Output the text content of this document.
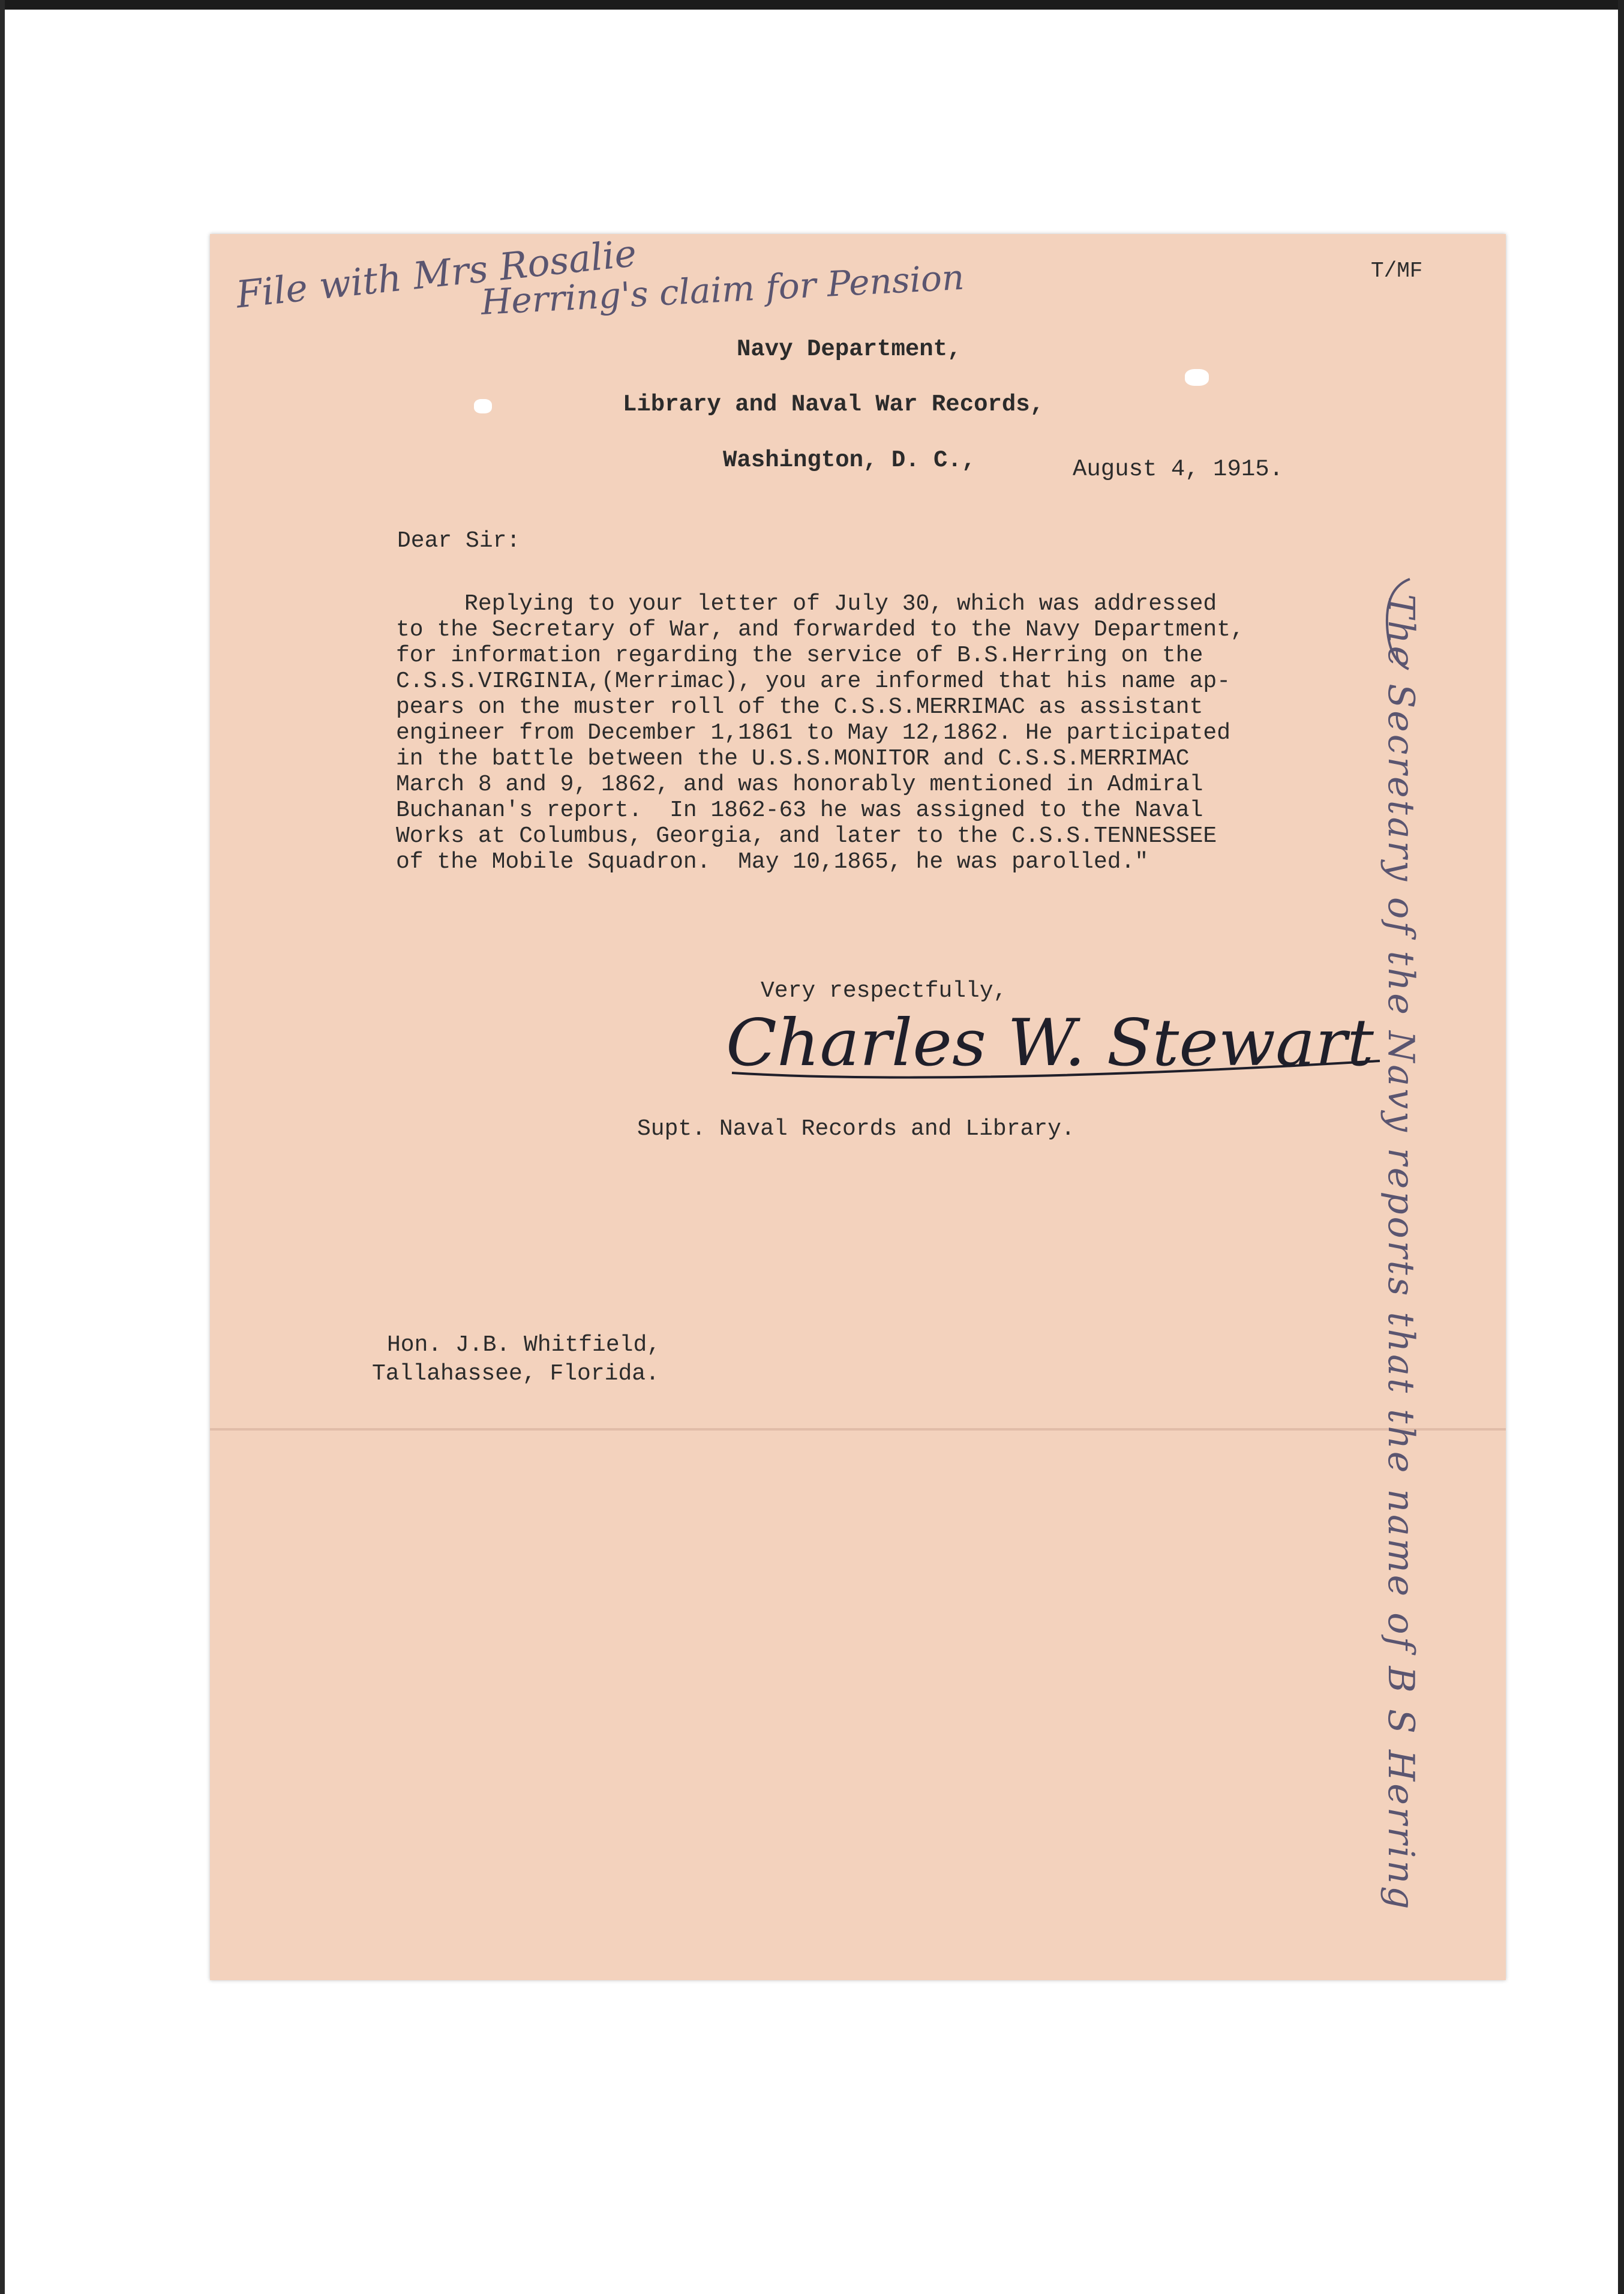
File with Mrs Rosalie
Herring's claim for Pension	T/MF
Navy Department,
Library and Naval War Records,
Washington, D. C.,	August 4, 1915.
Dear Sir:
Replying to your letter of July 30, which was addressed
to the Secretary of War, and forwarded to the Navy Department,
for information regarding the service of B.S.Herring on the
C.S.S.VIRGINIA,(Merrimac), you are informed that his name ap-
pears on the muster roll of the C.S.S.MERRIMAC as assistant
engineer from December 1,1861 to May 12,1862. He participated
in the battle between the U.S.S.MONITOR and C.S.S.MERRIMAC
March 8 and 9, 1862, and was honorably mentioned in Admiral
Buchanan's report.  In 1862-63 he was assigned to the Naval
Works at Columbus, Georgia, and later to the C.S.S.TENNESSEE
of the Mobile Squadron.  May 10,1865, he was parolled."
Very respectfully,
Charles W. Stewart
Supt. Naval Records and Library.
Hon. J.B. Whitfield,
Tallahassee, Florida.	The Secretary of the Navy reports that the name of B S Herring
